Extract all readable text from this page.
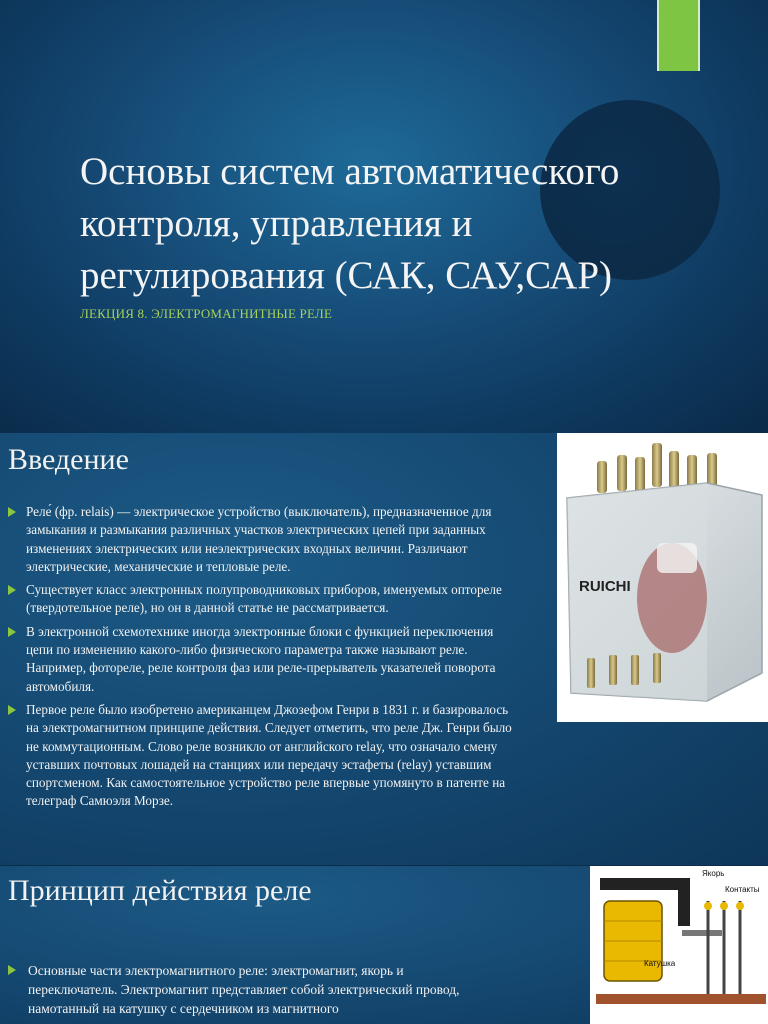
Основы систем автоматического контроля, управления и регулирования (САК, САУ,САР)
ЛЕКЦИЯ 8. ЭЛЕКТРОМАГНИТНЫЕ РЕЛЕ
Введение
Реле́ (фр. relais) — электрическое устройство (выключатель), предназначенное для замыкания и размыкания различных участков электрических цепей при заданных изменениях электрических или неэлектрических входных величин. Различают электрические, механические и тепловые реле.
Существует класс электронных полупроводниковых приборов, именуемых оптореле (твердотельное реле), но он в данной статье не рассматривается.
В электронной схемотехнике иногда электронные блоки с функцией переключения цепи по изменению какого-либо физического параметра также называют реле. Например, фотореле, реле контроля фаз или реле-прерыватель указателей поворота автомобиля.
Первое реле было изобретено американцем Джозефом Генри в 1831 г. и базировалось на электромагнитном принципе действия. Следует отметить, что реле Дж. Генри было не коммутационным. Слово реле возникло от английского relay, что означало смену уставших почтовых лошадей на станциях или передачу эстафеты (relay) уставшим спортсменом. Как самостоятельное устройство реле впервые упомянуто в патенте на телеграф Самюэля Морзе.
RUICHI
Принцип действия реле
Основные части электромагнитного реле: электромагнит, якорь и переключатель. Электромагнит представляет собой электрический провод, намотанный на катушку с сердечником из магнитного
Якорь
Контакты
Катушка
